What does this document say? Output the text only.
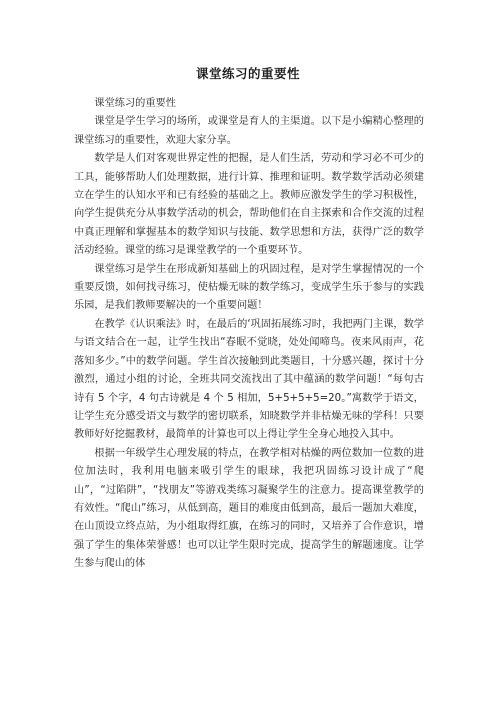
课堂练习的重要性

课堂练习的重要性

课堂是学生学习的场所，或课堂是育人的主渠道。以下是小编精心整理的课堂练习的重要性，欢迎大家分享。

数学是人们对客观世界定性的把握，是人们生活，劳动和学习必不可少的工具，能够帮助人们处理数据，进行计算、推理和证明。数学数学活动必须建立在学生的认知水平和已有经验的基础之上。教师应激发学生的学习积极性，向学生提供充分从事数学活动的机会，帮助他们在自主探索和合作交流的过程中真正理解和掌握基本的数学知识与技能、数学思想和方法，获得广泛的数学活动经验。课堂的练习是课堂教学的一个重要环节。

课堂练习是学生在形成新知基础上的巩固过程，是对学生掌握情况的一个重要反馈，如何找寻练习，使枯燥无味的数学练习，变成学生乐于参与的实践乐园，是我们教师要解决的一个重要问题！

在教学《认识乘法》时，在最后的‘巩固拓展练习时，我把两门主课，数学与语文结合在一起，让学生找出“春眠不觉晓，处处闻啼鸟。夜来风雨声，花落知多少。”中的数学问题。学生首次接触到此类题目，十分感兴趣，探讨十分激烈，通过小组的讨论，全班共同交流找出了其中蕴涵的数学问题！“每句古诗有 5 个字，4 句古诗就是 4 个 5 相加，5+5+5+5=20。”寓数学于语文，让学生充分感受语文与数学的密切联系，知晓数学并非枯燥无味的学科！只要教师好好挖掘教材，最简单的计算也可以上得让学生全身心地投入其中。

根据一年级学生心理发展的特点，在教学相对枯燥的两位数加一位数的进位加法时，我利用电脑来吸引学生的眼球，我把巩固练习设计成了“爬山”，“过陷阱”，“找朋友”等游戏类练习凝聚学生的注意力。提高课堂教学的有效性。“爬山”练习，从低到高，题目的难度由低到高，最后一题加大难度，在山顶设立终点站，为小组取得红旗，在练习的同时，又培养了合作意识，增强了学生的集体荣誉感！也可以让学生限时完成，提高学生的解题速度。让学生参与爬山的体
